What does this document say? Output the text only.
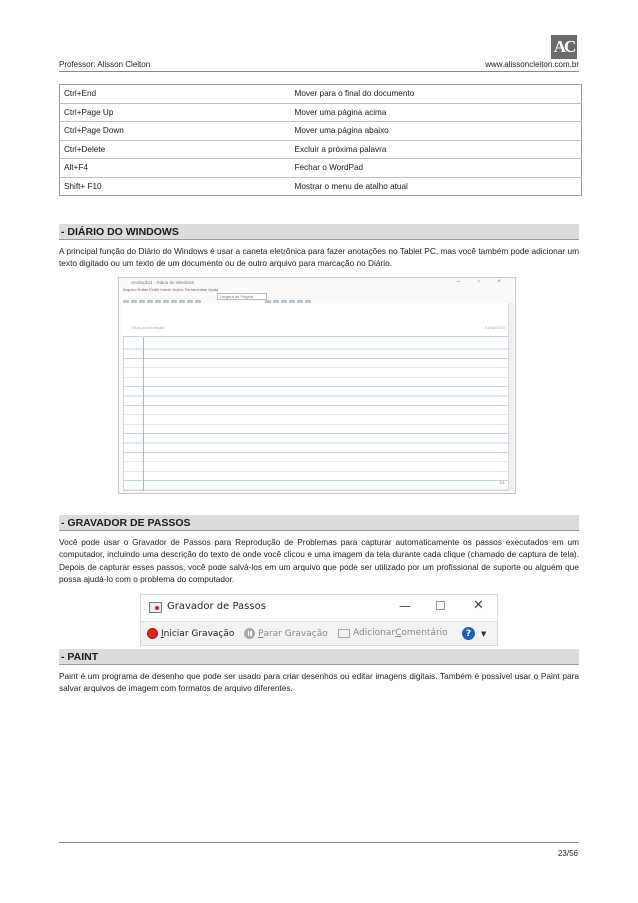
AC
Professor: Alisson Cleiton	www.alissoncleiton.com.br
Ctrl+End	Mover para o final do documento
Ctrl+Page Up	Mover uma página acima
Ctrl+Page Down	Mover uma página abaixo
Ctrl+Delete	Excluir a próxima palavra
Alt+F4	Fechar o WordPad
Shift+ F10	Mostrar o menu de atalho atual
- DIÁRIO DO WINDOWS

A principal função do Diário do Windows é usar a caneta eletrônica para fazer anotações no Tablet PC, mas você também pode adicionar um texto digitado ou um texto de um documento ou de outro arquivo para marcação no Diário.

Anotação1 - Diário do Windows	– ▫ ×
Arquivo Editar Exibir Inserir Ações Ferramentas Ajuda

Largura de Página
Título da Anotação	01/08/2015
1/1
- GRAVADOR DE PASSOS

Você pode usar o Gravador de Passos para Reprodução de Problemas para capturar automaticamente os passos executados em um computador, incluindo uma descrição do texto de onde você clicou e uma imagem da tela durante cada clique (chamado de captura de tela). Depois de capturar esses passos, você pode salvá-los em um arquivo que pode ser utilizado por um profissional de suporte ou alguém que possa ajudá-lo com o problema do computador.

Gravador de Passos	—	✕
I niciar Gravação	P arar Gravação	Adicionar C omentário	?	▼
- PAINT

Paint é um programa de desenho que pode ser usado para criar desenhos ou editar imagens digitais. Também é possível usar o Paint para salvar arquivos de imagem com formatos de arquivo diferentes.

23/56
